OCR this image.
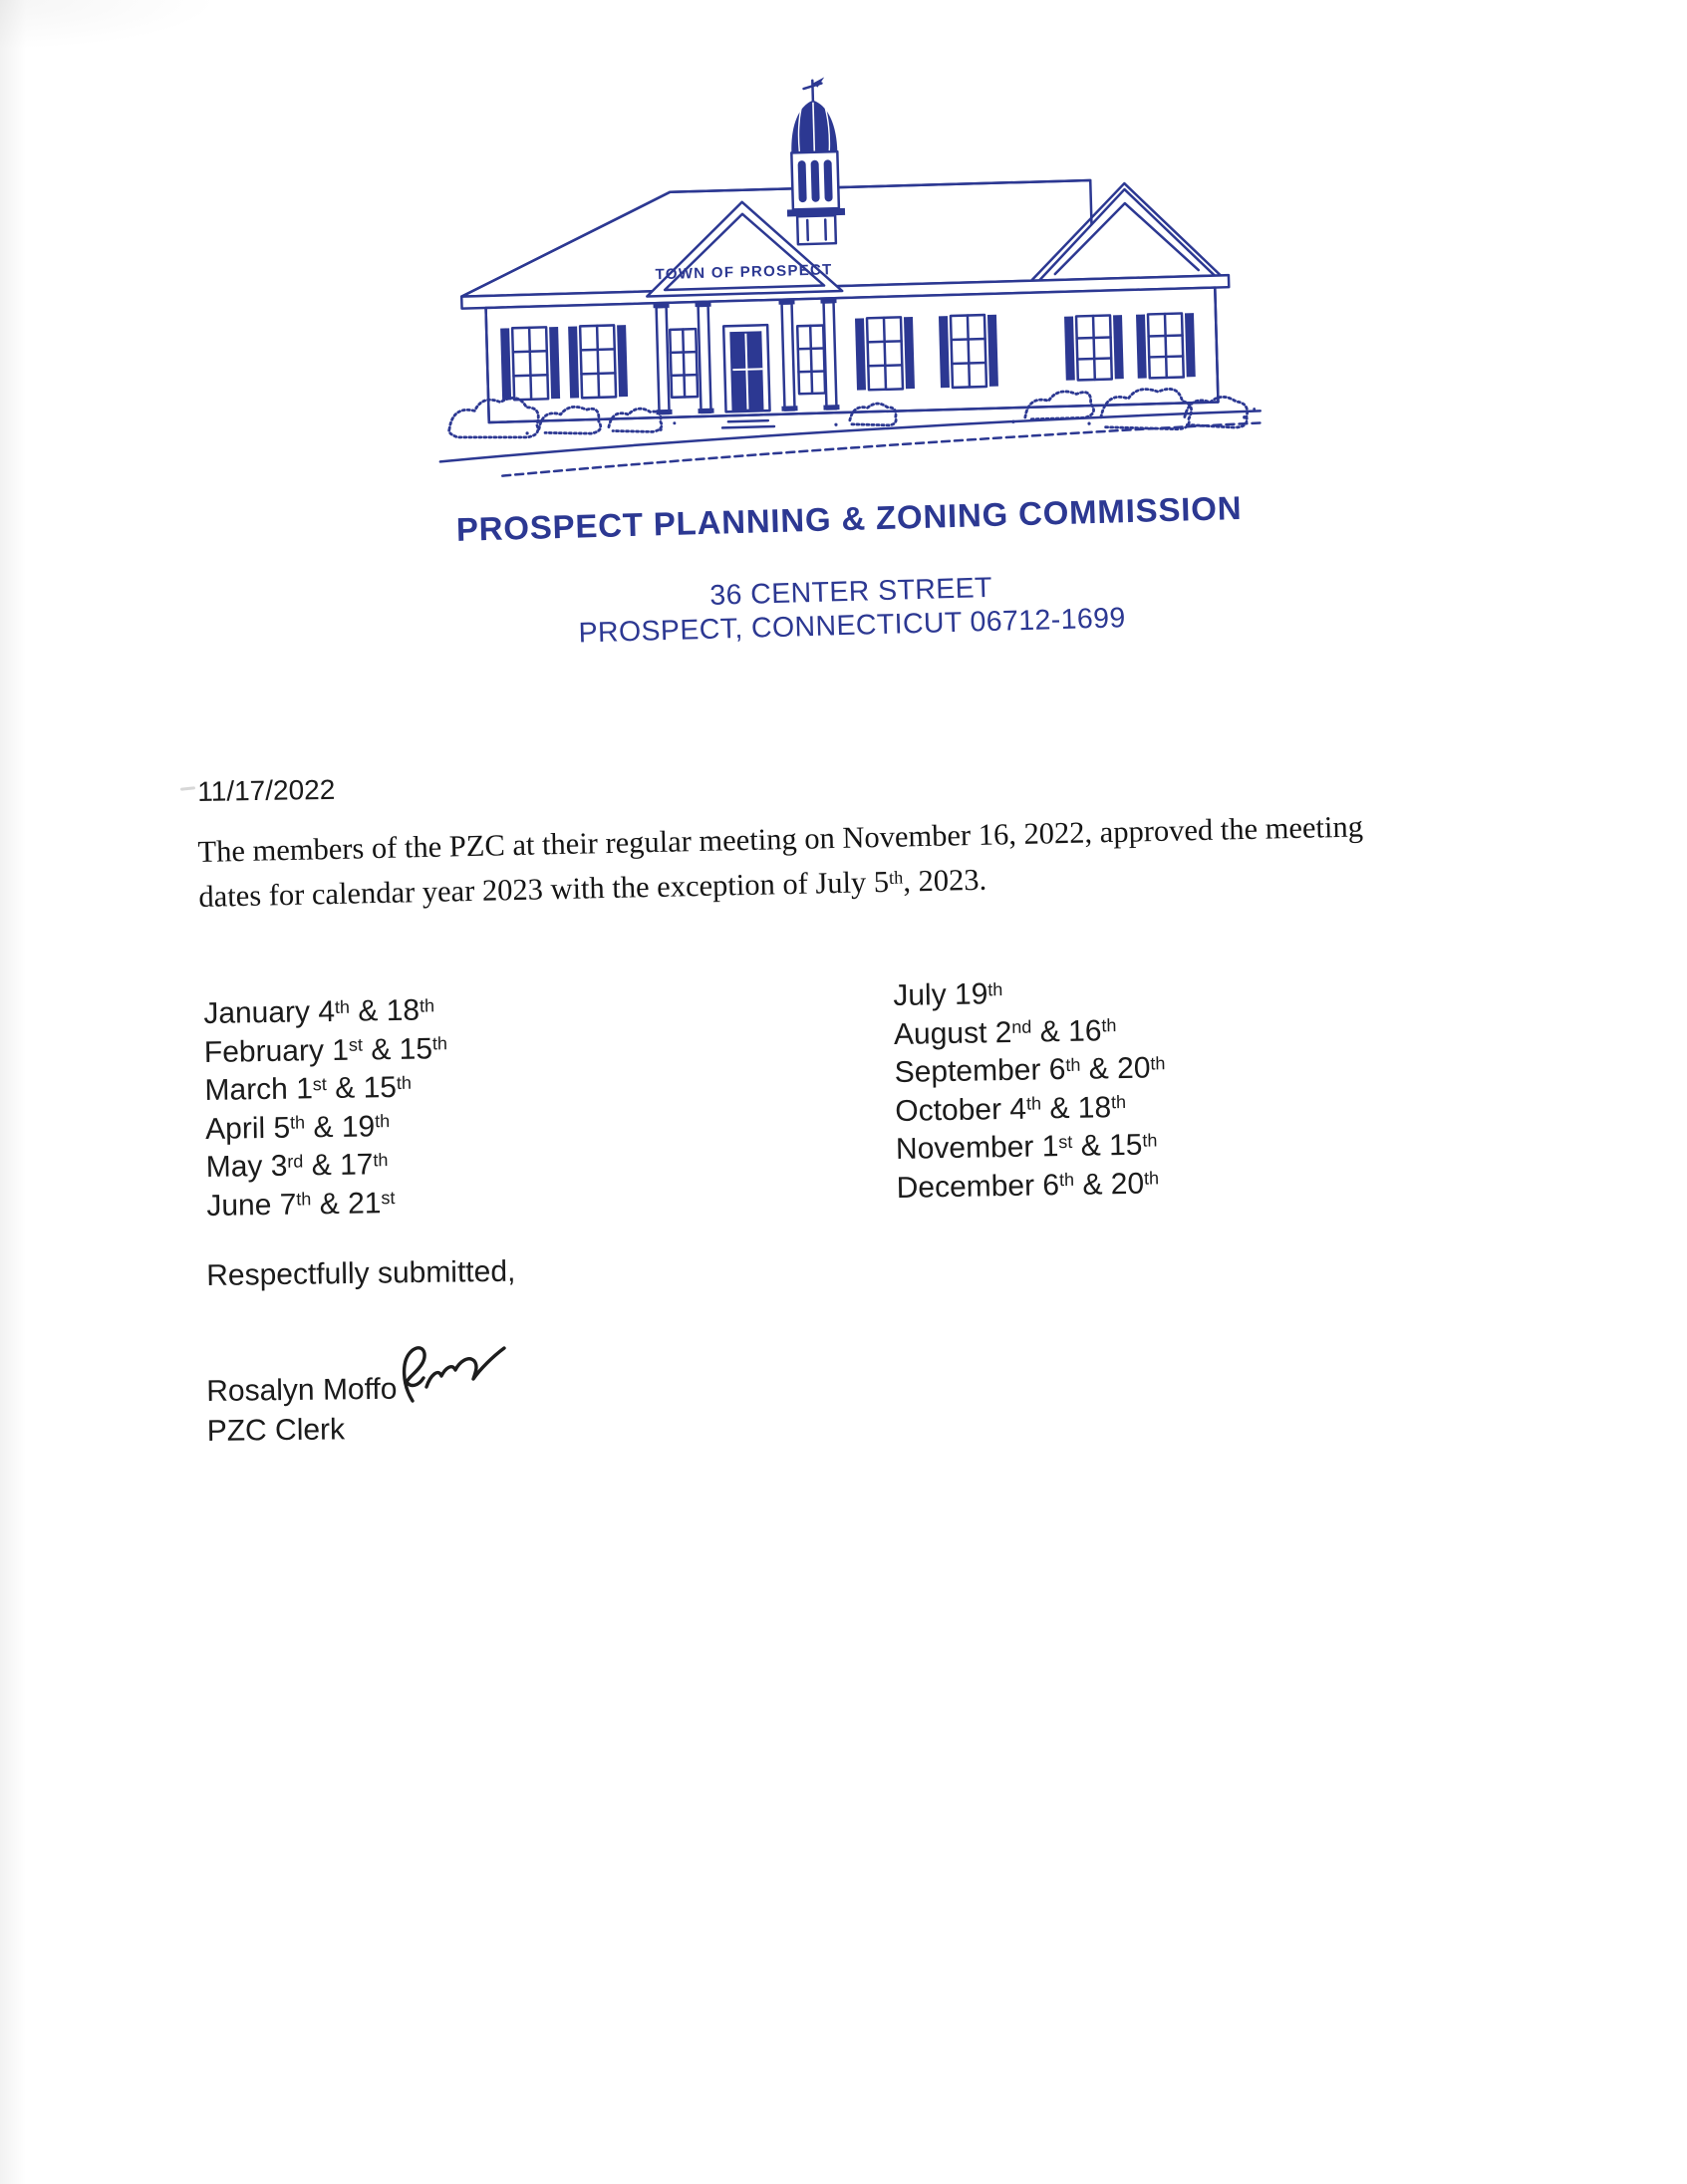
TOWN OF PROSPECT
PROSPECT PLANNING & ZONING COMMISSION
36 CENTER STREET
PROSPECT, CONNECTICUT 06712-1699
11/17/2022
The members of the PZC at their regular meeting on November 16, 2022, approved the meeting
dates for calendar year 2023 with the exception of July 5th, 2023.
January 4th & 18th
February 1st & 15th
March 1st & 15th
April 5th & 19th
May 3rd & 17th
June 7th & 21st
July 19th
August 2nd & 16th
September 6th & 20th
October 4th & 18th
November 1st & 15th
December 6th & 20th
Respectfully submitted,
Rosalyn Moffo
PZC Clerk
